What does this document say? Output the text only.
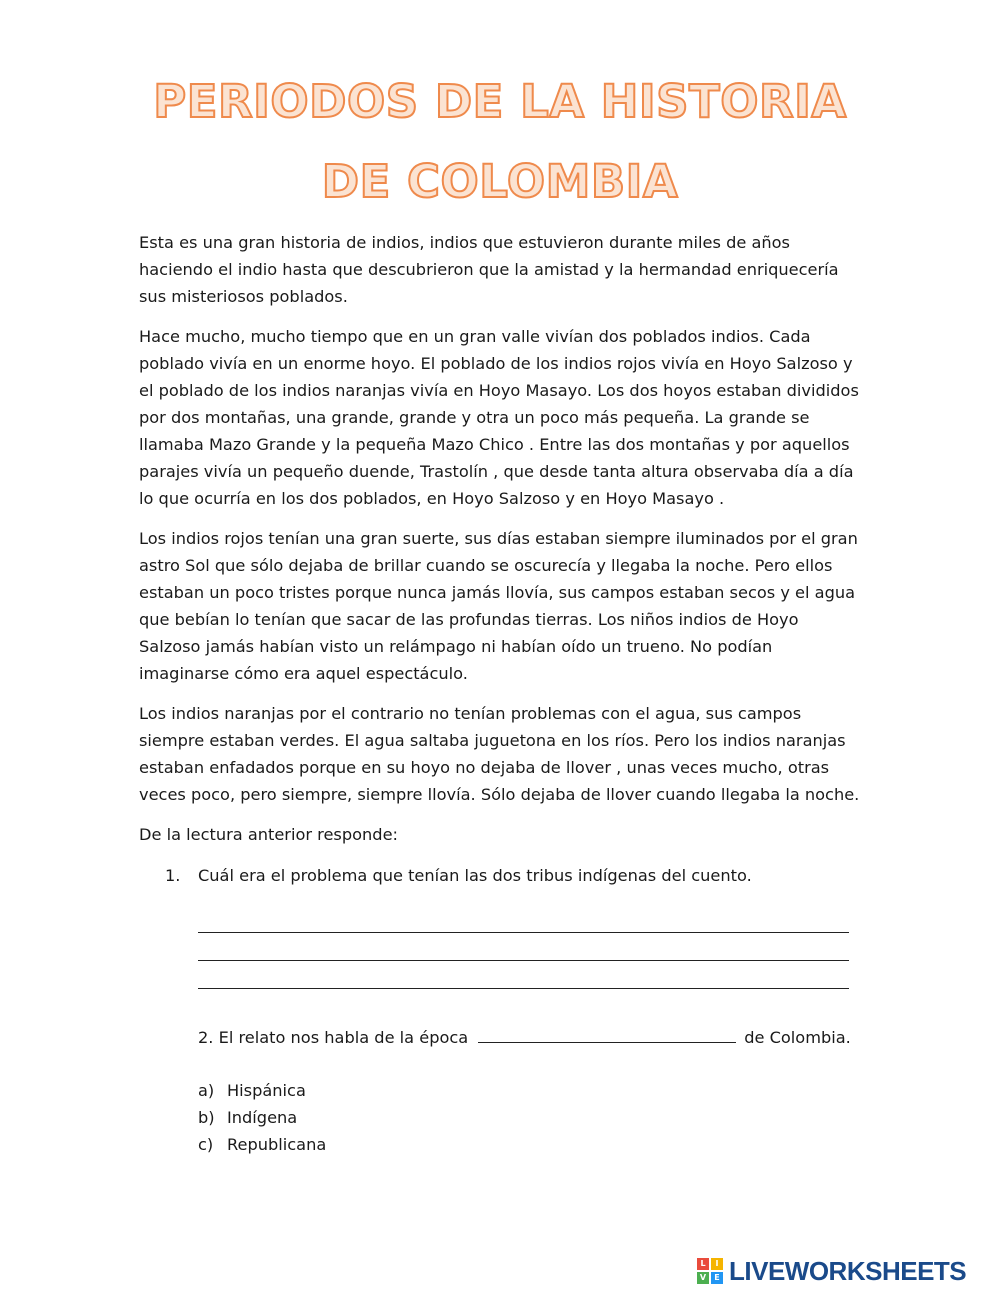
PERIODOS DE LA HISTORIA
DE COLOMBIA

Esta es una gran historia de indios, indios que estuvieron durante miles de años haciendo el indio hasta que descubrieron que la amistad y la hermandad enriquecería sus misteriosos poblados.

Hace mucho, mucho tiempo que en un gran valle vivían dos poblados indios. Cada poblado vivía en un enorme hoyo. El poblado de los indios rojos vivía en Hoyo Salzoso y el poblado de los indios naranjas vivía en Hoyo Masayo. Los dos hoyos estaban divididos por dos montañas, una grande, grande y otra un poco más pequeña. La grande se llamaba Mazo Grande y la pequeña Mazo Chico . Entre las dos montañas y por aquellos parajes vivía un pequeño duende, Trastolín , que desde tanta altura observaba día a día lo que ocurría en los dos poblados, en Hoyo Salzoso y en Hoyo Masayo .

Los indios rojos tenían una gran suerte, sus días estaban siempre iluminados por el gran astro Sol que sólo dejaba de brillar cuando se oscurecía y llegaba la noche. Pero ellos estaban un poco tristes porque nunca jamás llovía, sus campos estaban secos y el agua que bebían lo tenían que sacar de las profundas tierras. Los niños indios de Hoyo Salzoso jamás habían visto un relámpago ni habían oído un trueno. No podían imaginarse cómo era aquel espectáculo.

Los indios naranjas por el contrario no tenían problemas con el agua, sus campos siempre estaban verdes. El agua saltaba juguetona en los ríos. Pero los indios naranjas estaban enfadados porque en su hoyo no dejaba de llover , unas veces mucho, otras veces poco, pero siempre, siempre llovía. Sólo dejaba de llover cuando llegaba la noche.

De la lectura anterior responde:

1. Cuál era el problema que tenían las dos tribus indígenas del cuento.
2. El relato nos habla de la época	de Colombia.
a) Hispánica
b) Indígena
c) Republicana
L	I
V	E LIVEWORKSHEETS
